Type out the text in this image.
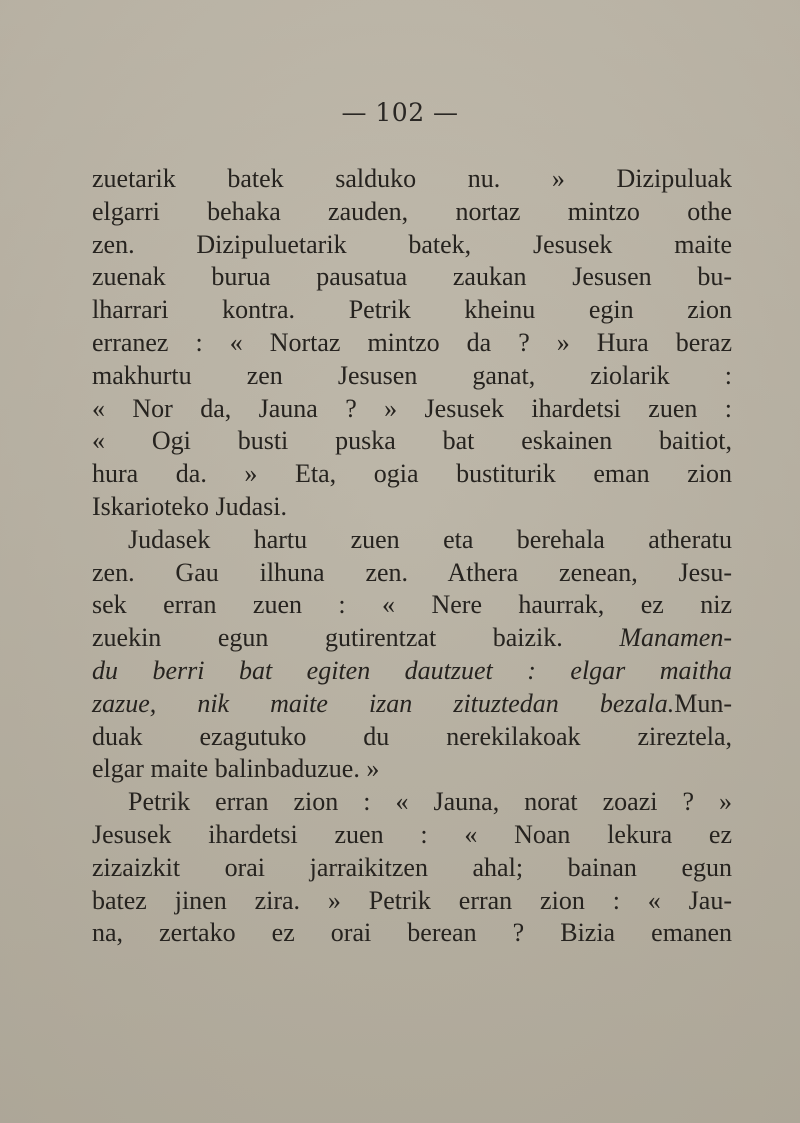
— 102 —
zuetarik batek salduko nu. » Dizipuluak
elgarri behaka zauden, nortaz mintzo othe
zen. Dizipuluetarik batek, Jesusek maite
zuenak burua pausatua zaukan Jesusen bu-
lharrari kontra. Petrik kheinu egin zion
erranez : « Nortaz mintzo da ? » Hura beraz
makhurtu zen Jesusen ganat, ziolarik :
« Nor da, Jauna ? » Jesusek ihardetsi zuen :
« Ogi busti puska bat eskainen baitiot,
hura da. » Eta, ogia bustiturik eman zion
Iskarioteko Judasi.
Judasek hartu zuen eta berehala atheratu
zen. Gau ilhuna zen. Athera zenean, Jesu-
sek erran zuen : « Nere haurrak, ez niz
zuekin egun gutirentzat baizik. Manamen-
du berri bat egiten dautzuet : elgar maitha
zazue, nik maite izan zituztedan bezala.Mun-
duak ezagutuko du nerekilakoak zireztela,
elgar maite balinbaduzue. »
Petrik erran zion : « Jauna, norat zoazi ? »
Jesusek ihardetsi zuen : « Noan lekura ez
zizaizkit orai jarraikitzen ahal; bainan egun
batez jinen zira. » Petrik erran zion : « Jau-
na, zertako ez orai berean ? Bizia emanen
